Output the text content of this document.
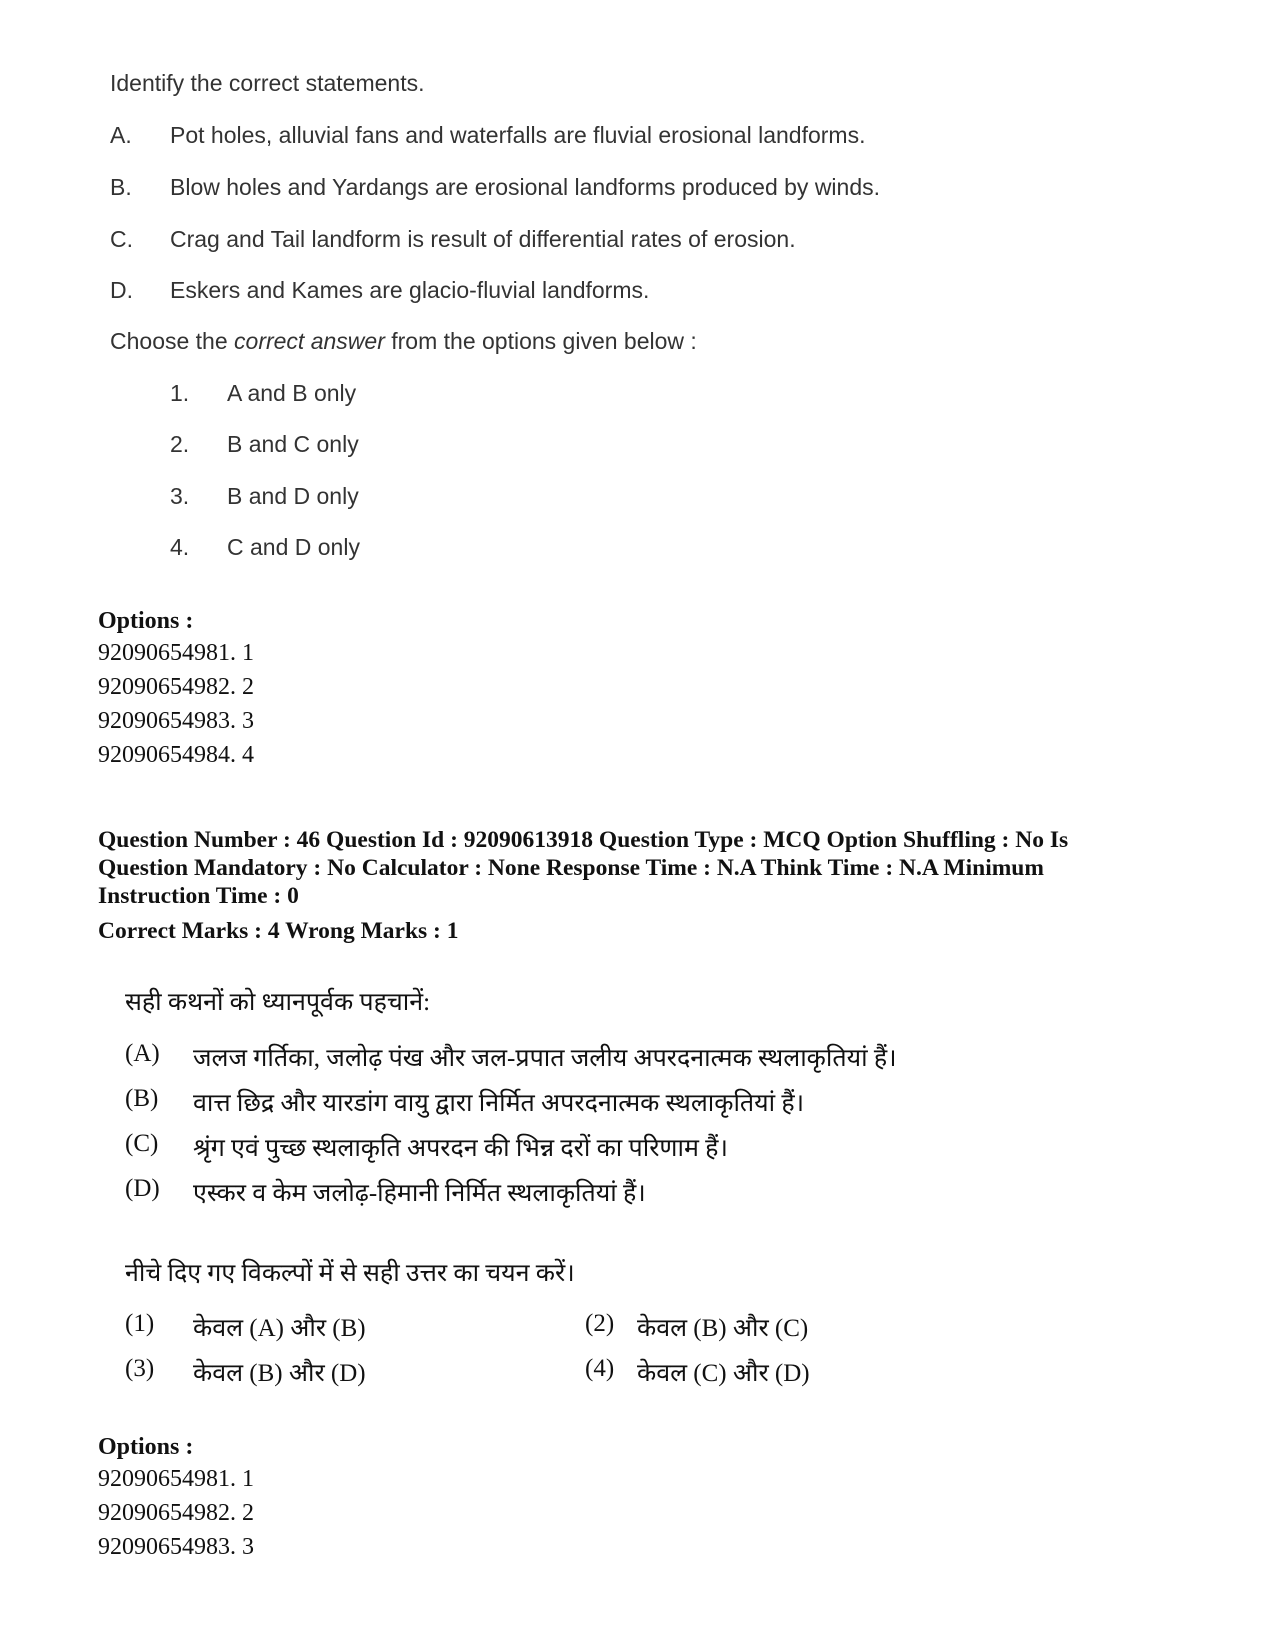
Identify the correct statements.
A. Pot holes, alluvial fans and waterfalls are fluvial erosional landforms.
B. Blow holes and Yardangs are erosional landforms produced by winds.
C. Crag and Tail landform is result of differential rates of erosion.
D. Eskers and Kames are glacio-fluvial landforms.
Choose the correct answer from the options given below :
1. A and B only
2. B and C only
3. B and D only
4. C and D only
Options :
92090654981. 1
92090654982. 2
92090654983. 3
92090654984. 4
Question Number : 46 Question Id : 92090613918 Question Type : MCQ Option Shuffling : No Is
Question Mandatory : No Calculator : None Response Time : N.A Think Time : N.A Minimum
Instruction Time : 0
Correct Marks : 4 Wrong Marks : 1
सही कथनों को ध्यानपूर्वक पहचानें:
(A) जलज गर्तिका, जलोढ़ पंख और जल-प्रपात जलीय अपरदनात्मक स्थलाकृतियां हैं।
(B) वात्त छिद्र और यारडांग वायु द्वारा निर्मित अपरदनात्मक स्थलाकृतियां हैं।
(C) श्रृंग एवं पुच्छ स्थलाकृति अपरदन की भिन्न दरों का परिणाम हैं।
(D) एस्कर व केम जलोढ़-हिमानी निर्मित स्थलाकृतियां हैं।
नीचे दिए गए विकल्पों में से सही उत्तर का चयन करें।
(1) केवल (A) और (B)	(2) केवल (B) और (C)
(3) केवल (B) और (D)	(4) केवल (C) और (D)
Options :
92090654981. 1
92090654982. 2
92090654983. 3
